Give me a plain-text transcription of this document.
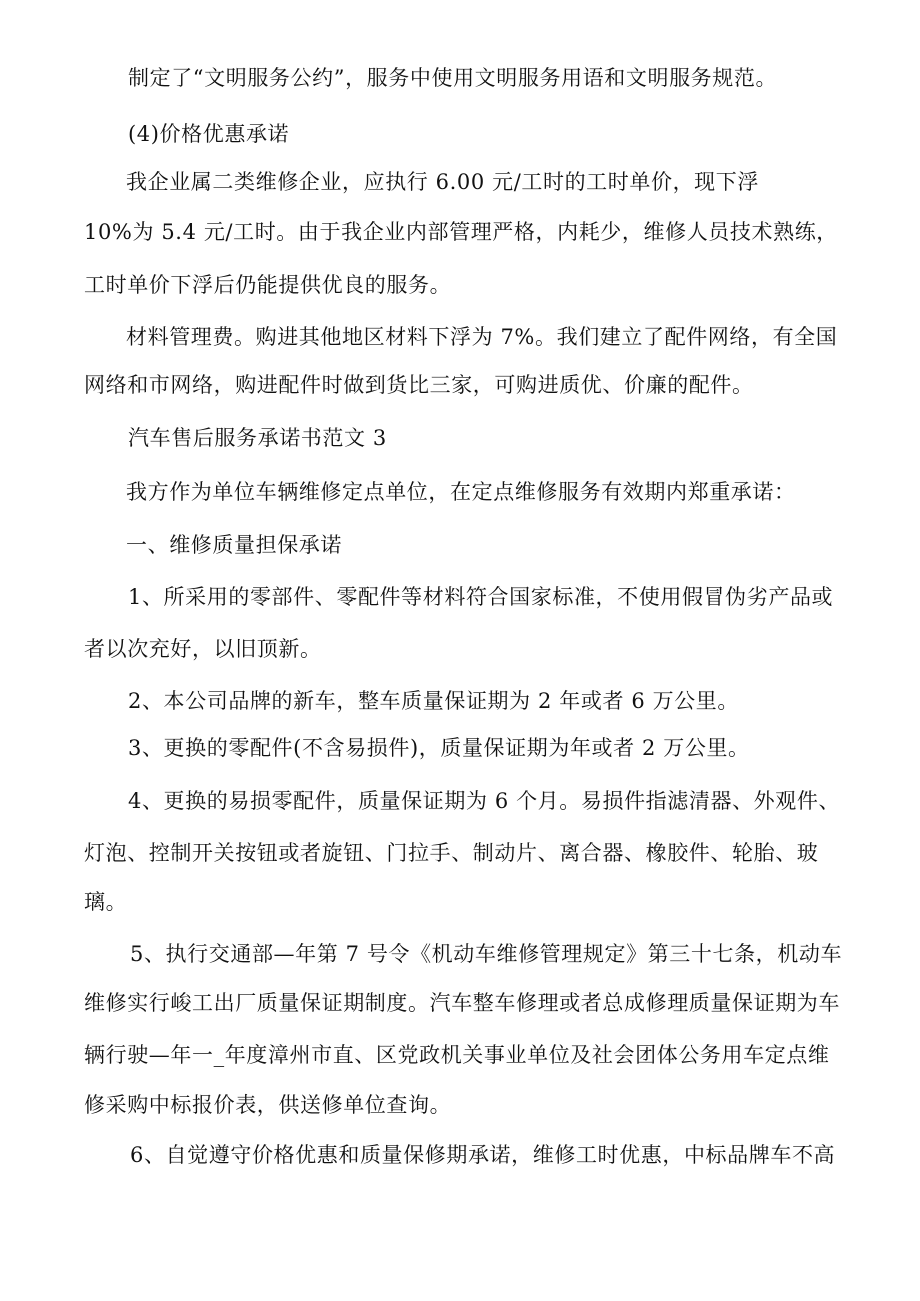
制定了“文明服务公约”，服务中使用文明服务用语和文明服务规范。
(4)价格优惠承诺
我企业属二类维修企业，应执行 6.00 元/工时的工时单价，现下浮
10%为 5.4 元/工时。由于我企业内部管理严格，内耗少，维修人员技术熟练，
工时单价下浮后仍能提供优良的服务。
材料管理费。购进其他地区材料下浮为 7%。我们建立了配件网络，有全国
网络和市网络，购进配件时做到货比三家，可购进质优、价廉的配件。
汽车售后服务承诺书范文 3
我方作为单位车辆维修定点单位，在定点维修服务有效期内郑重承诺：
一、维修质量担保承诺
1、所采用的零部件、零配件等材料符合国家标准，不使用假冒伪劣产品或
者以次充好，以旧顶新。
2、本公司品牌的新车，整车质量保证期为 2 年或者 6 万公里。
3、更换的零配件(不含易损件)，质量保证期为年或者 2 万公里。
4、更换的易损零配件，质量保证期为 6 个月。易损件指滤清器、外观件、
灯泡、控制开关按钮或者旋钮、门拉手、制动片、离合器、橡胶件、轮胎、玻
璃。
5、执行交通部—年第 7 号令《机动车维修管理规定》第三十七条，机动车
维修实行峻工出厂质量保证期制度。汽车整车修理或者总成修理质量保证期为车
辆行驶—年一_年度漳州市直、区党政机关事业单位及社会团体公务用车定点维
修采购中标报价表，供送修单位查询。
6、自觉遵守价格优惠和质量保修期承诺，维修工时优惠，中标品牌车不高
